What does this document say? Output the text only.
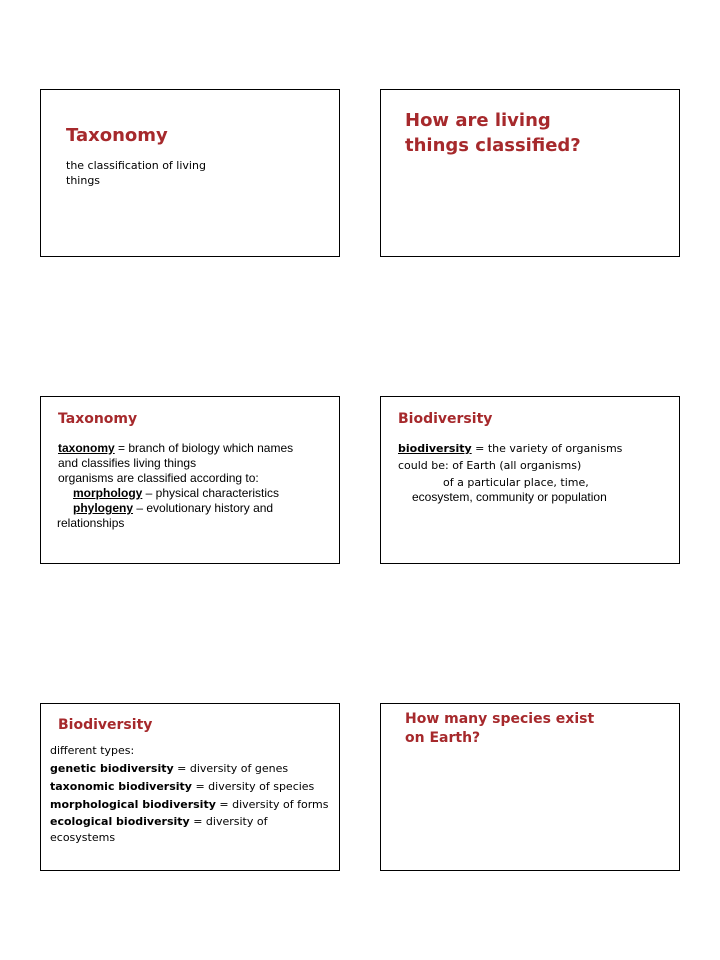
Taxonomy
the classification of living
things
How are living
things classified?
Taxonomy
taxonomy = branch of biology which names
and classifies living things
organisms are classified according to:
morphology – physical characteristics
phylogeny – evolutionary history and
relationships
Biodiversity
biodiversity = the variety of organisms
could be: of Earth (all organisms)
of a particular place, time,
ecosystem, community or population
Biodiversity
different types:
genetic biodiversity = diversity of genes
taxonomic biodiversity = diversity of species
morphological biodiversity = diversity of forms
ecological biodiversity = diversity of
ecosystems
How many species exist
on Earth?
